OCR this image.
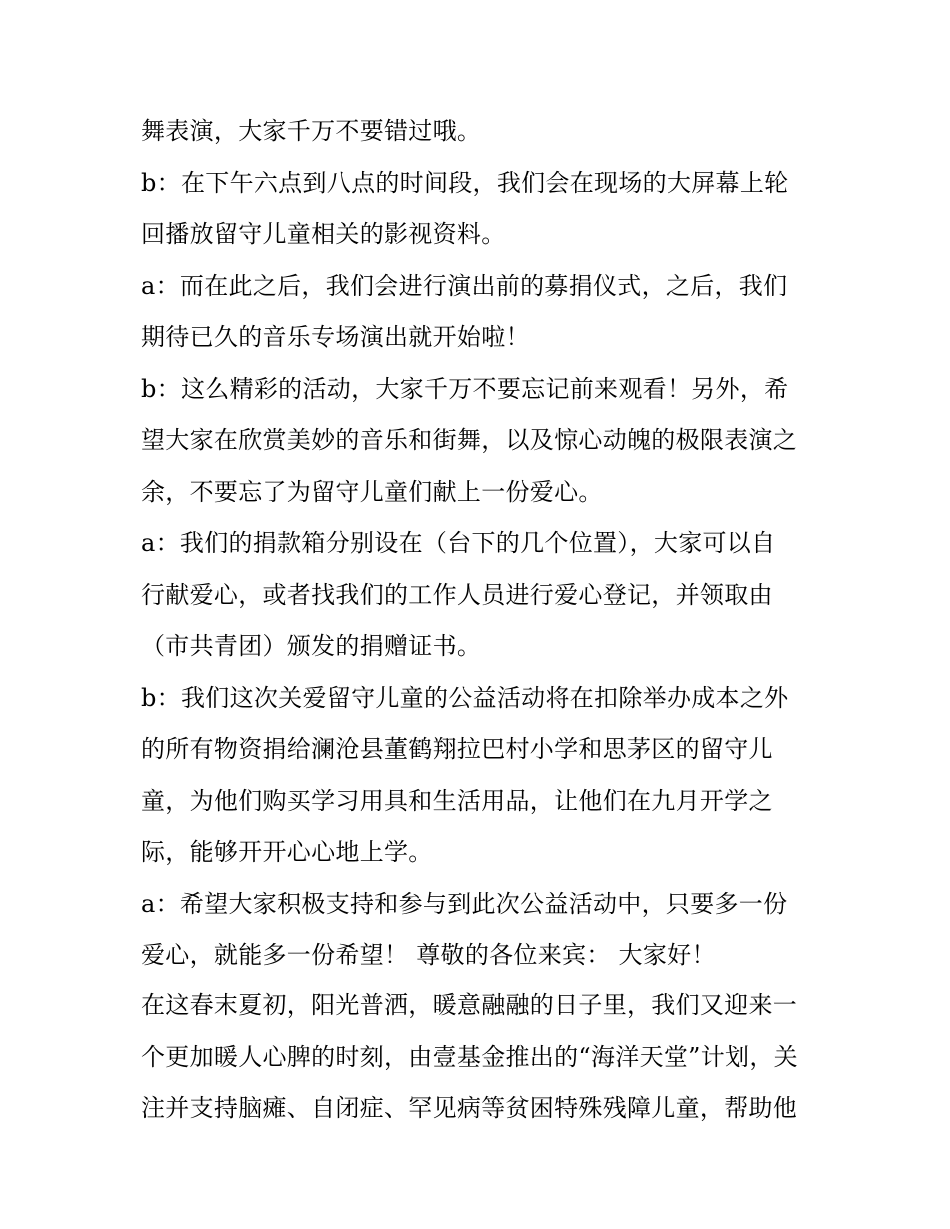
舞表演，大家千万不要错过哦。
b：在下午六点到八点的时间段，我们会在现场的大屏幕上轮
回播放留守儿童相关的影视资料。
a：而在此之后，我们会进行演出前的募捐仪式，之后，我们
期待已久的音乐专场演出就开始啦！
b：这么精彩的活动，大家千万不要忘记前来观看！另外，希
望大家在欣赏美妙的音乐和街舞，以及惊心动魄的极限表演之
余，不要忘了为留守儿童们献上一份爱心。
a：我们的捐款箱分别设在（台下的几个位置），大家可以自
行献爱心，或者找我们的工作人员进行爱心登记，并领取由
（市共青团）颁发的捐赠证书。
b：我们这次关爱留守儿童的公益活动将在扣除举办成本之外
的所有物资捐给澜沧县董鹤翔拉巴村小学和思茅区的留守儿
童，为他们购买学习用具和生活用品，让他们在九月开学之
际，能够开开心心地上学。
a：希望大家积极支持和参与到此次公益活动中，只要多一份
爱心，就能多一份希望！ 尊敬的各位来宾： 大家好！
在这春末夏初，阳光普洒，暖意融融的日子里，我们又迎来一
个更加暖人心脾的时刻，由壹基金推出的“海洋天堂”计划，关
注并支持脑瘫、自闭症、罕见病等贫困特殊残障儿童，帮助他
